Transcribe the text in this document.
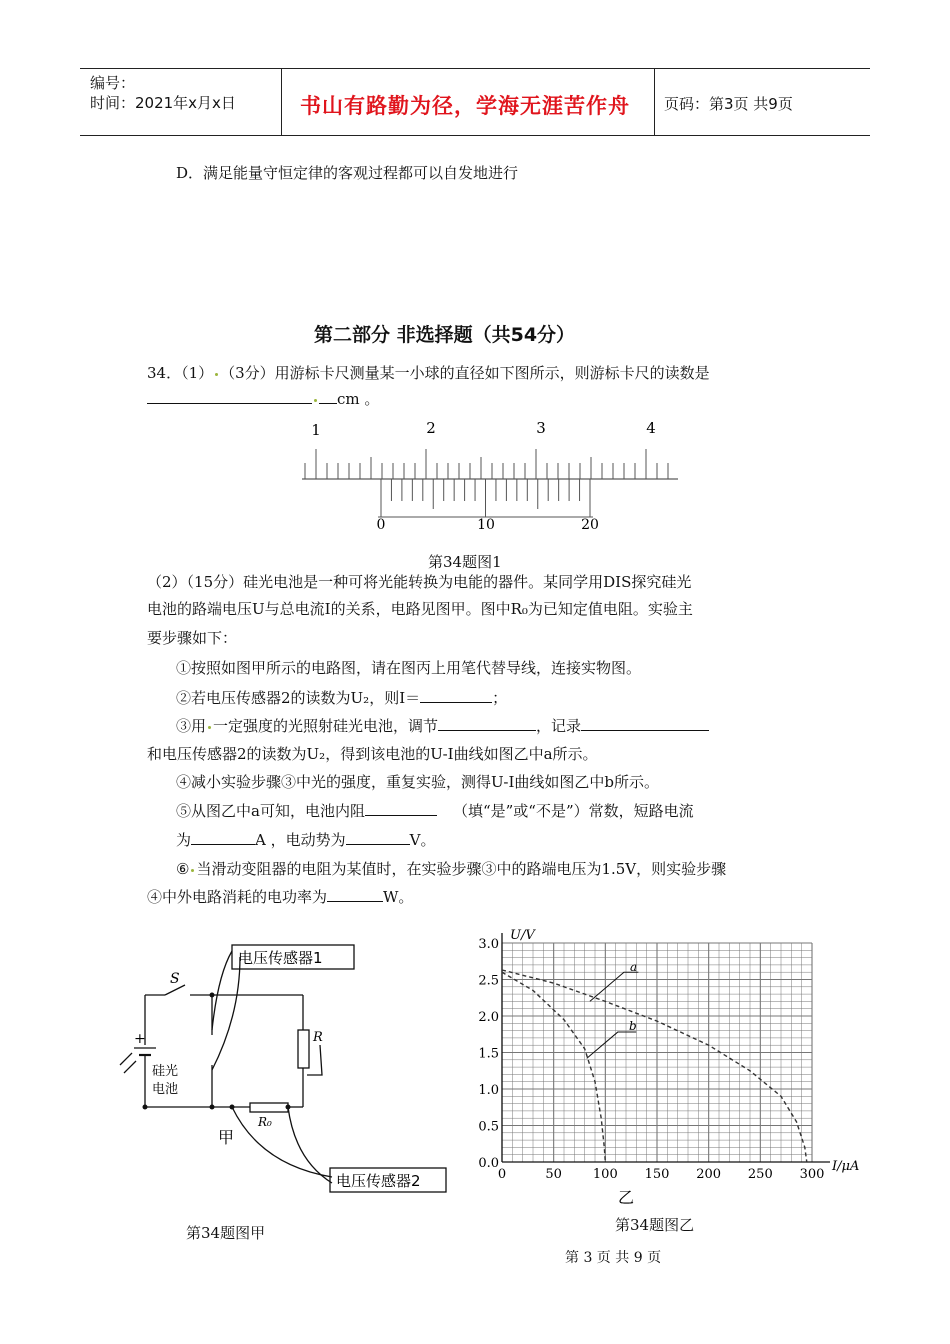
编号：
时间：2021年x月x日	书山有路勤为径，学海无涯苦作舟 页码：第3页 共9页
D．满足能量守恒定律的客观过程都可以自发地进行
第二部分 非选择题（共54分）
34．（1） （3分）用游标卡尺测量某一小球的直径如下图所示，则游标卡尺的读数是
cm 。
1	2	3	4
0	10	20
第34题图1
（2）（15分）硅光电池是一种可将光能转换为电能的器件。某同学用DIS探究硅光
电池的路端电压U与总电流I的关系，电路见图甲。图中R₀为已知定值电阻。实验主
要步骤如下：
①按照如图甲所示的电路图，请在图丙上用笔代替导线，连接实物图。
②若电压传感器2的读数为U₂，则I＝	；
③用 一定强度的光照射硅光电池，调节	，记录
和电压传感器2的读数为U₂，得到该电池的U-I曲线如图乙中a所示。
④减小实验步骤③中光的强度，重复实验，测得U-I曲线如图乙中b所示。
⑤从图乙中a可知，电池内阻	（填“是”或“不是”）常数，短路电流
为	A ，电动势为	V。
⑥ 当滑动变阻器的电阻为某值时，在实验步骤③中的路端电压为1.5V，则实验步骤
④中外电路消耗的电功率为	W。
电压传感器1
电压传感器2
S
R
R₀
+
硅光
电池
甲
第34题图甲
0	50 100 150 200 250 300
0.0
0.5
1.0
1.5
2.0
2.5
3.0
U/V
I/μA
a
b
乙
第34题图乙
第 3 页 共 9 页
